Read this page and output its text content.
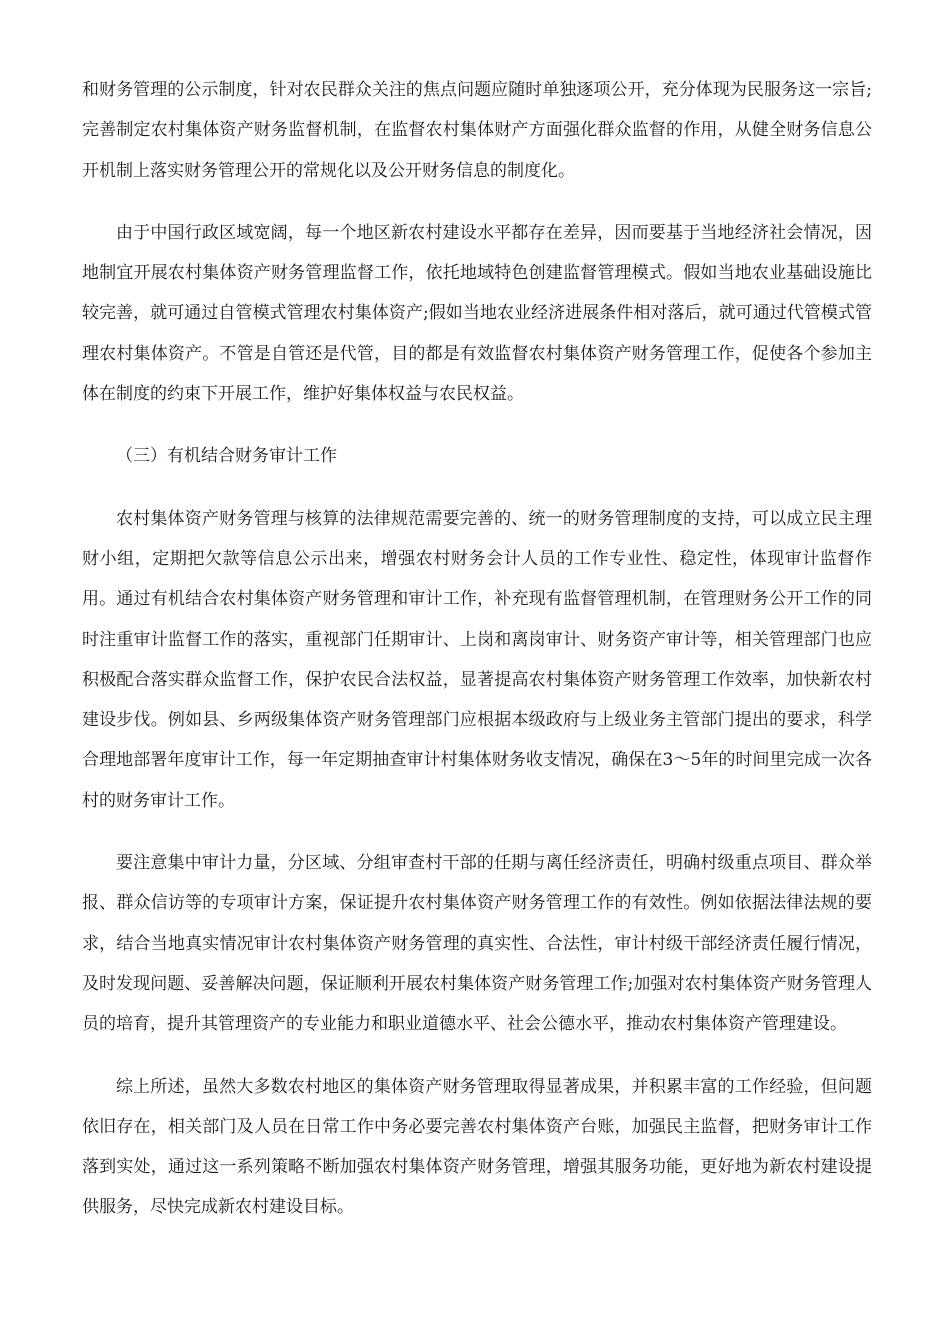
和财务管理的公示制度，针对农民群众关注的焦点问题应随时单独逐项公开，充分体现为民服务这一宗旨;完善制定农村集体资产财务监督机制，在监督农村集体财产方面强化群众监督的作用，从健全财务信息公开机制上落实财务管理公开的常规化以及公开财务信息的制度化。

由于中国行政区域宽阔，每一个地区新农村建设水平都存在差异，因而要基于当地经济社会情况，因地制宜开展农村集体资产财务管理监督工作，依托地域特色创建监督管理模式。假如当地农业基础设施比较完善，就可通过自管模式管理农村集体资产;假如当地农业经济进展条件相对落后，就可通过代管模式管理农村集体资产。不管是自管还是代管，目的都是有效监督农村集体资产财务管理工作，促使各个参加主体在制度的约束下开展工作，维护好集体权益与农民权益。

（三）有机结合财务审计工作

农村集体资产财务管理与核算的法律规范需要完善的、统一的财务管理制度的支持，可以成立民主理财小组，定期把欠款等信息公示出来，增强农村财务会计人员的工作专业性、稳定性，体现审计监督作用。通过有机结合农村集体资产财务管理和审计工作，补充现有监督管理机制，在管理财务公开工作的同时注重审计监督工作的落实，重视部门任期审计、上岗和离岗审计、财务资产审计等，相关管理部门也应积极配合落实群众监督工作，保护农民合法权益，显著提高农村集体资产财务管理工作效率，加快新农村建设步伐。例如县、乡两级集体资产财务管理部门应根据本级政府与上级业务主管部门提出的要求，科学合理地部署年度审计工作，每一年定期抽查审计村集体财务收支情况，确保在3～5年的时间里完成一次各村的财务审计工作。

要注意集中审计力量，分区域、分组审查村干部的任期与离任经济责任，明确村级重点项目、群众举报、群众信访等的专项审计方案，保证提升农村集体资产财务管理工作的有效性。例如依据法律法规的要求，结合当地真实情况审计农村集体资产财务管理的真实性、合法性，审计村级干部经济责任履行情况，及时发现问题、妥善解决问题，保证顺利开展农村集体资产财务管理工作;加强对农村集体资产财务管理人员的培育，提升其管理资产的专业能力和职业道德水平、社会公德水平，推动农村集体资产管理建设。

综上所述，虽然大多数农村地区的集体资产财务管理取得显著成果，并积累丰富的工作经验，但问题依旧存在，相关部门及人员在日常工作中务必要完善农村集体资产台账，加强民主监督，把财务审计工作落到实处，通过这一系列策略不断加强农村集体资产财务管理，增强其服务功能，更好地为新农村建设提供服务，尽快完成新农村建设目标。
